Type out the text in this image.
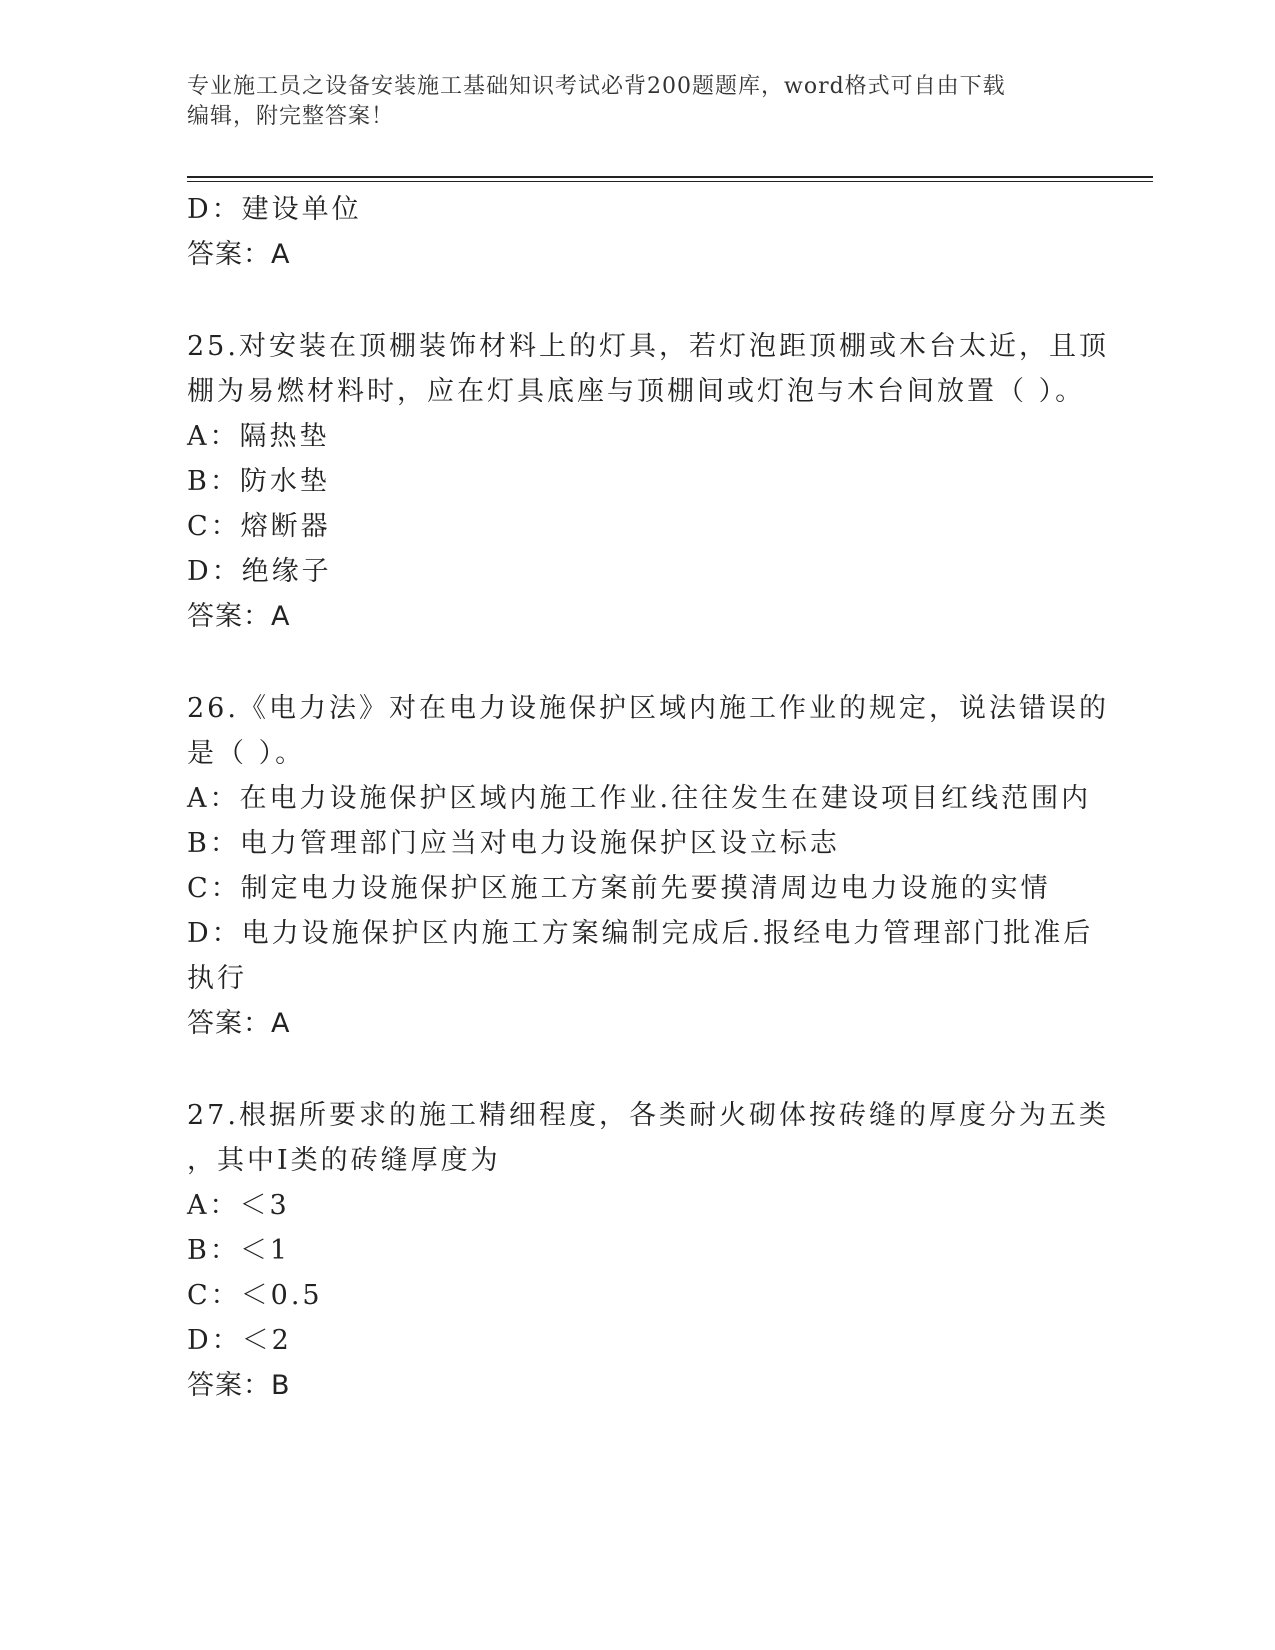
专业施工员之设备安装施工基础知识考试必背200题题库，word格式可自由下载
编辑，附完整答案！
D：建设单位
答案：A
25.对安装在顶棚装饰材料上的灯具，若灯泡距顶棚或木台太近，且顶
棚为易燃材料时，应在灯具底座与顶棚间或灯泡与木台间放置（ ）。
A：隔热垫
B：防水垫
C：熔断器
D：绝缘子
答案：A
26.《电力法》对在电力设施保护区域内施工作业的规定，说法错误的
是（ ）。
A：在电力设施保护区域内施工作业.往往发生在建设项目红线范围内
B：电力管理部门应当对电力设施保护区设立标志
C：制定电力设施保护区施工方案前先要摸清周边电力设施的实情
D：电力设施保护区内施工方案编制完成后.报经电力管理部门批准后
执行
答案：A
27.根据所要求的施工精细程度，各类耐火砌体按砖缝的厚度分为五类
，其中I类的砖缝厚度为
A：＜3
B：＜1
C：＜0.5
D：＜2
答案：B
